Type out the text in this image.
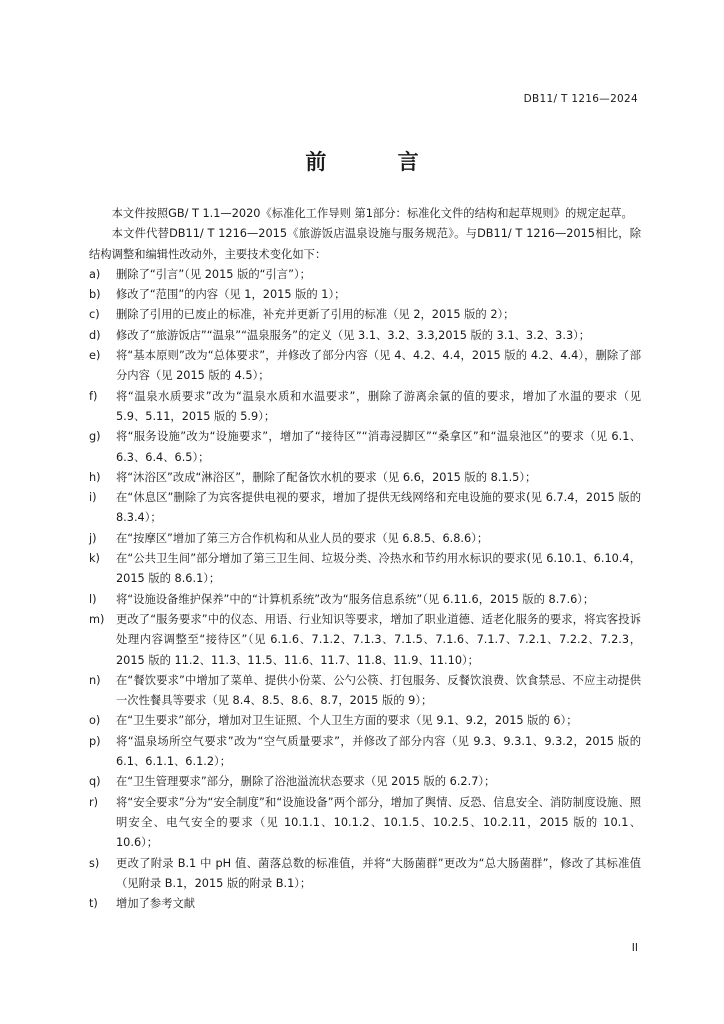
DB11/ T 1216—2024
前 言

本文件按照GB/ T 1.1—2020《标准化工作导则 第1部分：标准化文件的结构和起草规则》的规定起草。

本文件代替DB11/ T 1216—2015《旅游饭店温泉设施与服务规范》。与DB11/ T 1216—2015相比，除结构调整和编辑性改动外，主要技术变化如下：

a)	删除了“引言”（见 2015 版的“引言”）；
b)	修改了“范围”的内容（见 1，2015 版的 1）；
c)	删除了引用的已废止的标准，补充并更新了引用的标准（见 2，2015 版的 2）；
d)	修改了“旅游饭店”“温泉”“温泉服务”的定义（见 3.1、3.2、3.3,2015 版的 3.1、3.2、3.3）；
e)	将“基本原则”改为“总体要求”，并修改了部分内容（见 4、4.2、4.4，2015 版的 4.2、4.4），删除了部分内容（见 2015 版的 4.5）；
f)	将“温泉水质要求”改为“温泉水质和水温要求”，删除了游离余氯的值的要求，增加了水温的要求（见 5.9、5.11，2015 版的 5.9）；
g)	将“服务设施”改为“设施要求”，增加了“接待区”“消毒浸脚区”“桑拿区”和“温泉池区”的要求（见 6.1、6.3、6.4、6.5）；
h)	将“沐浴区”改成“淋浴区”，删除了配备饮水机的要求（见 6.6，2015 版的 8.1.5）；
i)	在“休息区”删除了为宾客提供电视的要求，增加了提供无线网络和充电设施的要求(见 6.7.4，2015 版的 8.3.4）；
j)	在“按摩区”增加了第三方合作机构和从业人员的要求（见 6.8.5、6.8.6）；
k)	在“公共卫生间”部分增加了第三卫生间、垃圾分类、冷热水和节约用水标识的要求(见 6.10.1、6.10.4，2015 版的 8.6.1）；
l)	将“设施设备维护保养”中的“计算机系统”改为“服务信息系统”（见 6.11.6，2015 版的 8.7.6）；
m)	更改了“服务要求”中的仪态、用语、行业知识等要求，增加了职业道德、适老化服务的要求，将宾客投诉处理内容调整至“接待区”（见 6.1.6、7.1.2、7.1.3、7.1.5、7.1.6、7.1.7、7.2.1、7.2.2、7.2.3，2015 版的 11.2、11.3、11.5、11.6、11.7、11.8、11.9、11.10）；
n)	在“餐饮要求”中增加了菜单、提供小份菜、公勺公筷、打包服务、反餐饮浪费、饮食禁忌、不应主动提供一次性餐具等要求（见 8.4、8.5、8.6、8.7，2015 版的 9）；
o)	在“卫生要求”部分，增加对卫生证照、个人卫生方面的要求（见 9.1、9.2，2015 版的 6）；
p)	将“温泉场所空气要求”改为“空气质量要求”，并修改了部分内容（见 9.3、9.3.1、9.3.2，2015 版的 6.1、6.1.1、6.1.2）；
q)	在“卫生管理要求”部分，删除了浴池溢流状态要求（见 2015 版的 6.2.7）；
r)	将“安全要求”分为“安全制度”和“设施设备”两个部分，增加了舆情、反恐、信息安全、消防制度设施、照明安全、电气安全的要求（见 10.1.1、10.1.2、10.1.5、10.2.5、10.2.11，2015 版的 10.1、10.6）；
s)	更改了附录 B.1 中 pH 值、菌落总数的标准值，并将“大肠菌群”更改为“总大肠菌群”，修改了其标准值（见附录 B.1，2015 版的附录 B.1）；
t)	增加了参考文献
II
